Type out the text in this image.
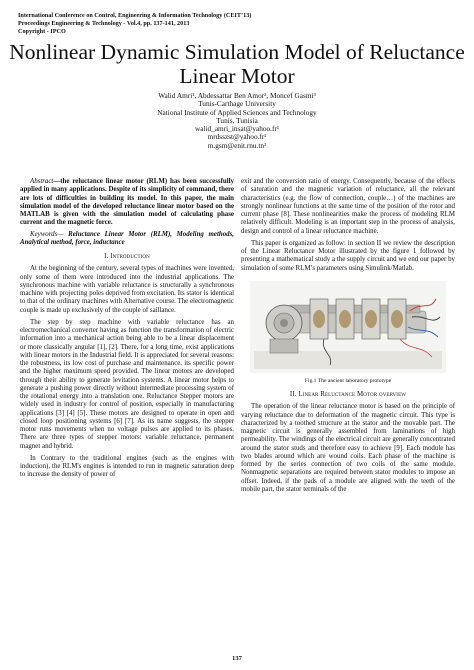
International Conference on Control, Engineering & Information Technology (CEIT’13)
Proceedings Engineering & Technology - Vol.4, pp. 137-141, 2013
Copyright - IPCO
Nonlinear Dynamic Simulation Model of Reluctance
Linear Motor
Walid Amri¹, Abdessattar Ben Amor², Moncef Gasmi³
Tunis-Carthage University
National Institute of Applied Sciences and Technology
Tunis, Tunisia
walid_amri_insat@yahoo.fr¹
mrdsszst@yahoo.fr²
m.gsm@enit.rnu.tn³

Abstract—the reluctance linear motor (RLM) has been successfully applied in many applications. Despite of its simplicity of command, there are lots of difficulties in building its model. In this paper, the main simulation model of the developed reluctance linear motor based on the MATLAB is given with the simulation model of calculating phase current and the magnetic force.

Keywords— Reluctance Linear Motor (RLM), Modeling methods, Analytical method, force, inductance

I. Introduction

At the beginning of the century, several types of machines were invented, only some of them were introduced into the industrial applications. The synchronous machine with variable reluctance is structurally a synchronous machine with projecting poles deprived from excitation. Its stator is identical to that of the ordinary machines with Alternative course. The electromagnetic couple is made up exclusively of the couple of saillance.

The step by step machine with variable reluctance has an electromechanical converter having as function the transformation of electric information into a mechanical action being able to be a linear displacement or more classically angular [1], [2]. There, for a long time, exist applications with linear motors in the Industrial field. It is appreciated for several reasons: the robustness, its low cost of purchase and maintenance, its specific power and the higher maximum speed provided. The linear motors are developed through their ability to generate levitation systems. A linear motor helps to generate a pushing power directly without intermediate processing system of the rotational energy into a translation one. Reluctance Stepper motors are widely used in industry for control of position, especially in manufacturing applications [3] [4] [5]. These motors are designed to operate in open and closed loop positioning systems [6] [7]. As its name suggests, the stepper motor runs movements when no voltage pulses are applied to its phases. There are three types of stepper motors: variable reluctance, permanent magnet and hybrid.

In Contrary to the traditional engines (such as the engines with induction), the RLM's engines is intended to run in magnetic saturation deep to increase the density of power of

exit and the conversion ratio of energy. Consequently, because of the effects of saturation and the magnetic variation of reluctance, all the relevant characteristics (e.g. the flow of connection, couple…) of the machines are strongly nonlinear functions at the same time of the position of the rotor and current phase [8]. These nonlinearities make the process of modeling RLM relatively difficult. Modeling is an important step in the process of analysis, design and control of a linear reluctance machine.

This paper is organized as follow: in section II we review the description of the Linear Reluctance Motor illustrated by the figure 1 followed by presenting a mathematical study a the supply circuit and we end our paper by simulation of some RLM’s parameters using Simulink/Matlab.

Fig.1 The ancient laboratory prototype

II. Linear Reluctance Motor overview

The operation of the linear reluctance motor is based on the principle of varying reluctance due to deformation of the magnetic circuit. This type is characterized by a toothed structure at the stator and the movable part. The magnetic circuit is generally assembled from laminations of high permeability. The windings of the electrical circuit are generally concentrated around the stator studs and therefore easy to achieve [9]. Each module has two blades around which are wound coils. Each phase of the machine is formed by the series connection of two coils of the same module. Nonmagnetic separations are required between stator modules to impose an offset. Indeed, if the pads of a module are aligned with the teeth of the mobile part, the stator terminals of the

137
